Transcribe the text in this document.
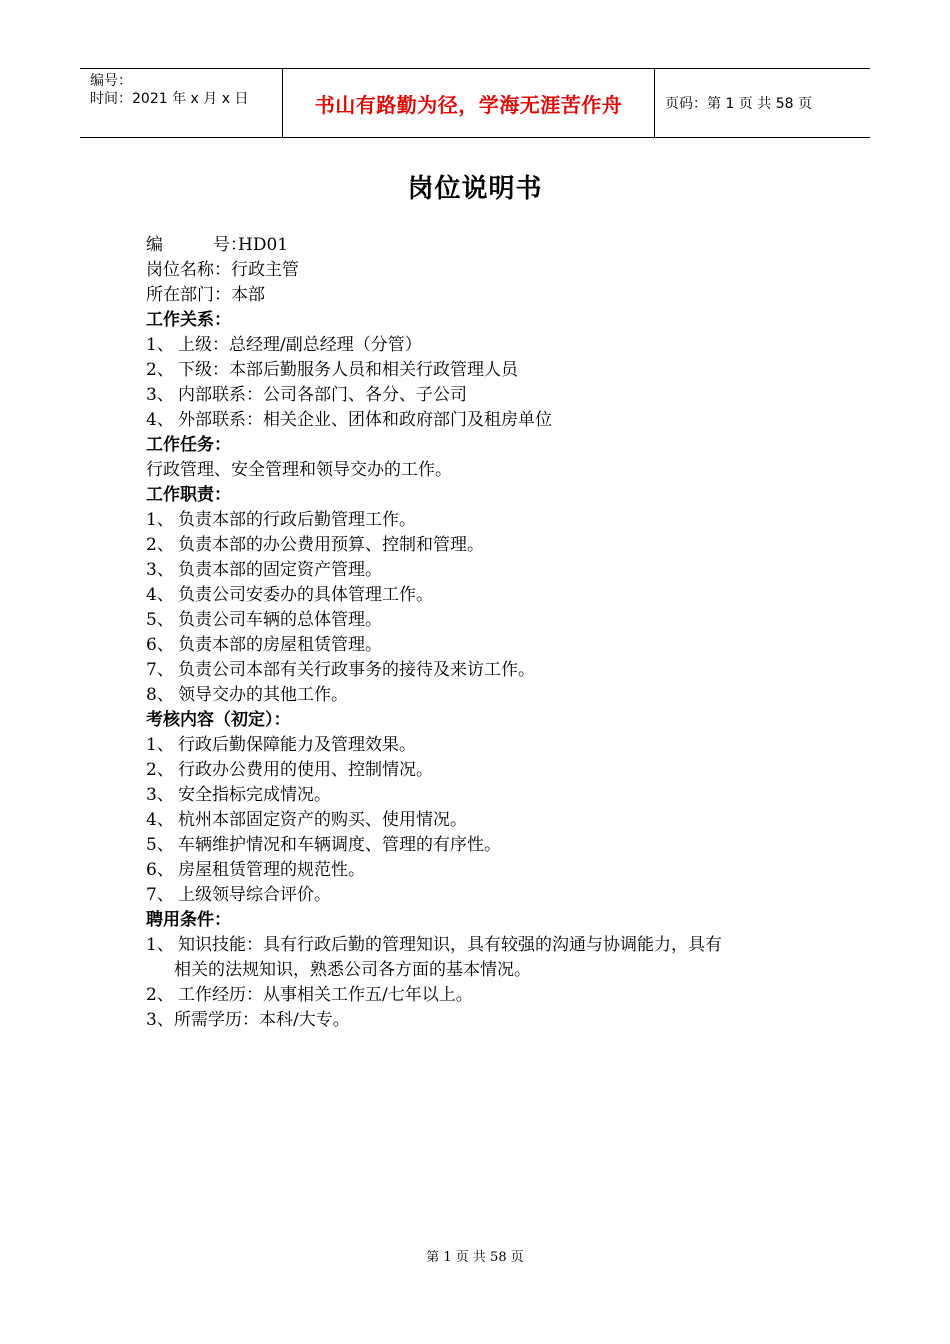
编号：
时间：2021 年 x 月 x 日	书山有路勤为径，学海无涯苦作舟	页码：第 1 页 共 58 页
岗位说明书
编	号：HD01
岗位名称：行政主管
所在部门：本部
工作关系：
1、 上级：总经理/副总经理（分管）
2、 下级：本部后勤服务人员和相关行政管理人员
3、 内部联系：公司各部门、各分、子公司
4、 外部联系：相关企业、团体和政府部门及租房单位
工作任务：
行政管理、安全管理和领导交办的工作。
工作职责：
1、 负责本部的行政后勤管理工作。
2、 负责本部的办公费用预算、控制和管理。
3、 负责本部的固定资产管理。
4、 负责公司安委办的具体管理工作。
5、 负责公司车辆的总体管理。
6、 负责本部的房屋租赁管理。
7、 负责公司本部有关行政事务的接待及来访工作。
8、 领导交办的其他工作。
考核内容（初定）：
1、 行政后勤保障能力及管理效果。
2、 行政办公费用的使用、控制情况。
3、 安全指标完成情况。
4、 杭州本部固定资产的购买、使用情况。
5、 车辆维护情况和车辆调度、管理的有序性。
6、 房屋租赁管理的规范性。
7、 上级领导综合评价。
聘用条件：
1、 知识技能：具有行政后勤的管理知识，具有较强的沟通与协调能力，具有
相关的法规知识，熟悉公司各方面的基本情况。
2、 工作经历：从事相关工作五/七年以上。
3、所需学历：本科/大专。
第 1 页 共 58 页
